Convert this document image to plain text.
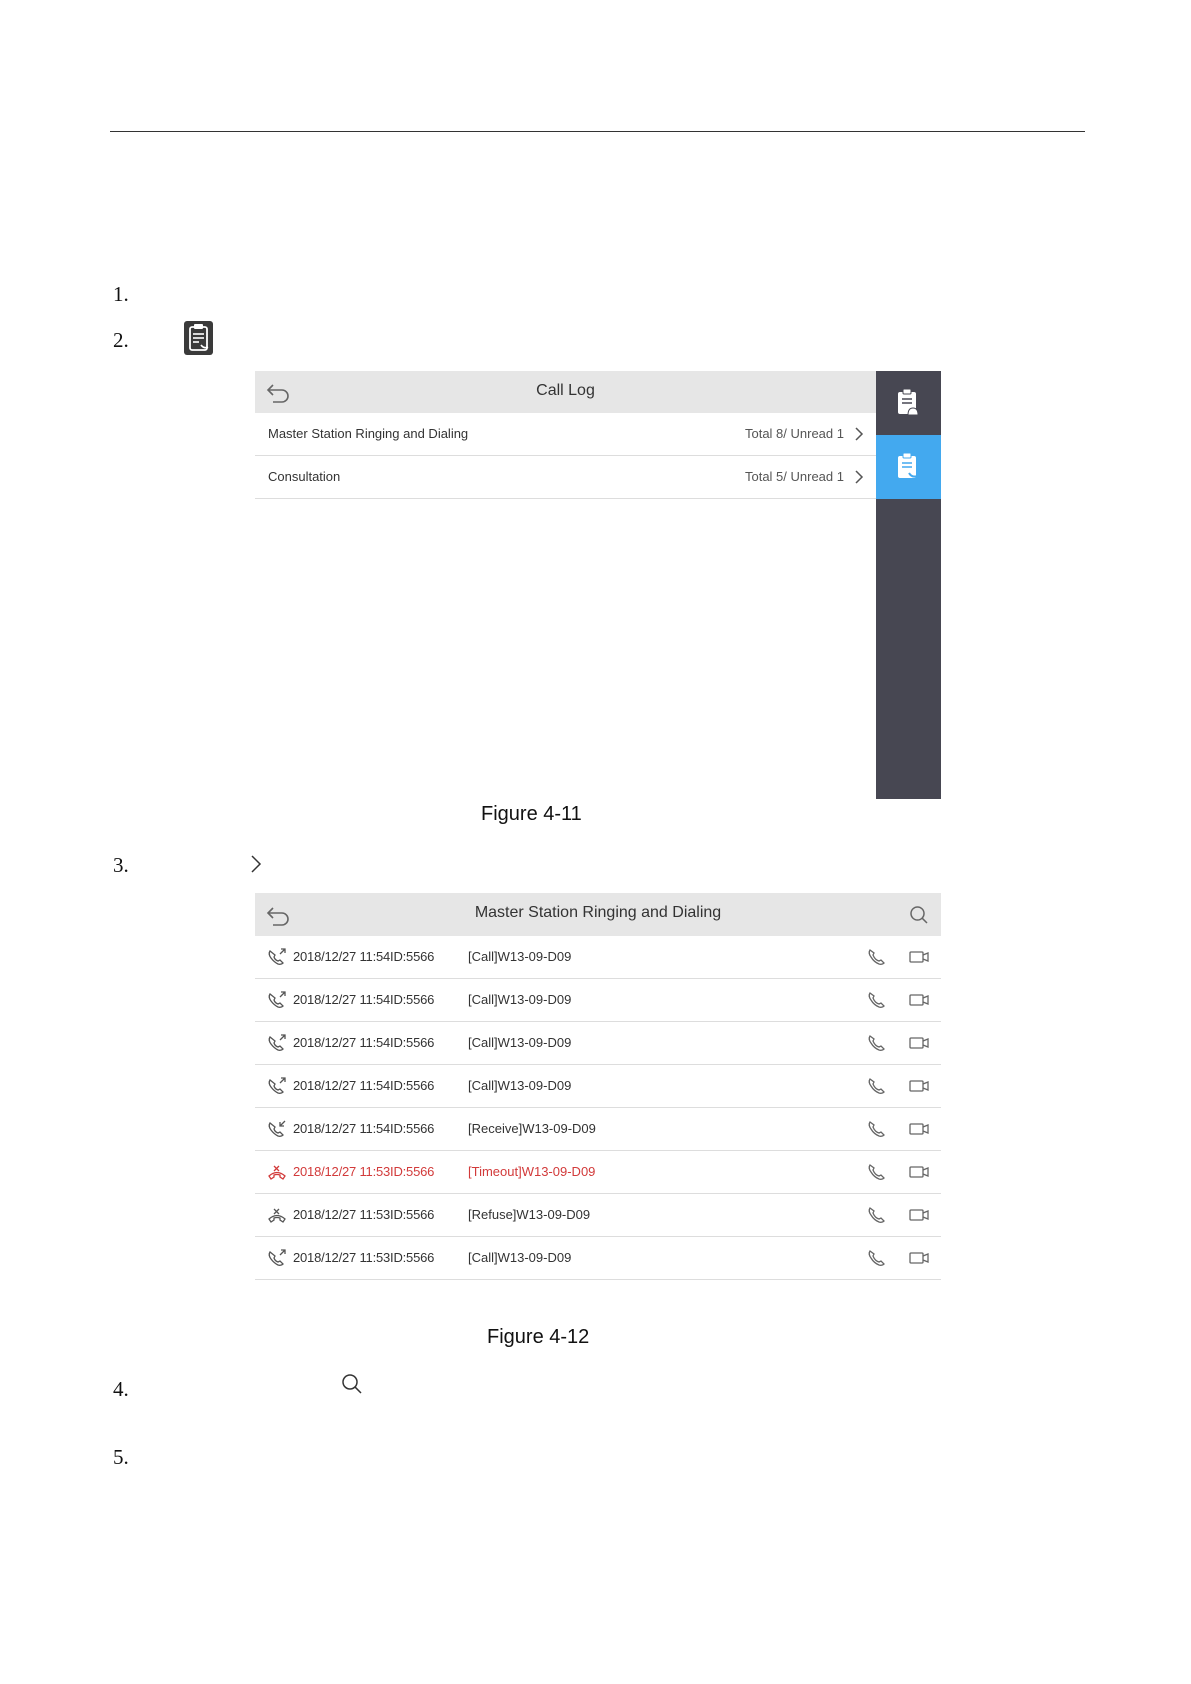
1.
2.
3.
4.
5.
Call Log
Master Station Ringing and Dialing	Total 8/ Unread 1
Consultation	Total 5/ Unread 1
Figure 4-11
Master Station Ringing and Dialing
2018/12/27 11:54ID:5566	[Call]W13-09-D09
2018/12/27 11:54ID:5566	[Call]W13-09-D09
2018/12/27 11:54ID:5566	[Call]W13-09-D09
2018/12/27 11:54ID:5566	[Call]W13-09-D09
2018/12/27 11:54ID:5566	[Receive]W13-09-D09
2018/12/27 11:53ID:5566	[Timeout]W13-09-D09
2018/12/27 11:53ID:5566	[Refuse]W13-09-D09
2018/12/27 11:53ID:5566	[Call]W13-09-D09
Figure 4-12
